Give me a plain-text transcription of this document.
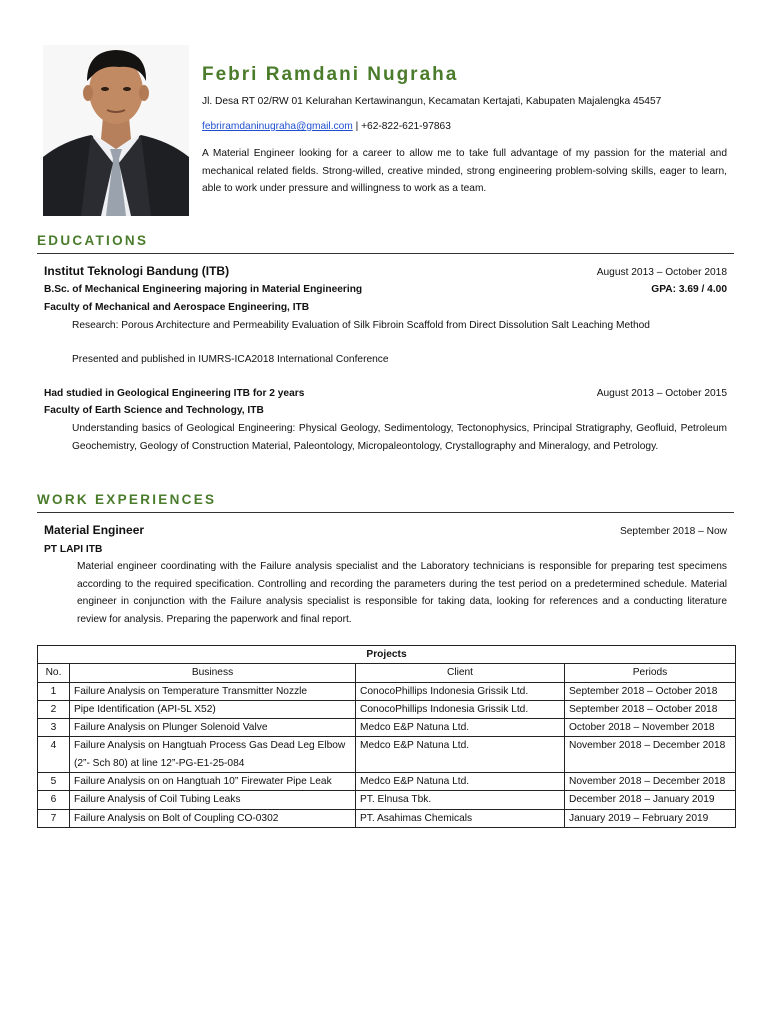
Febri Ramdani Nugraha
Jl. Desa RT 02/RW 01 Kelurahan Kertawinangun, Kecamatan Kertajati, Kabupaten Majalengka 45457
febriramdaninugraha@gmail.com | +62-822-621-97863
A Material Engineer looking for a career to allow me to take full advantage of my passion for the material and mechanical related fields. Strong-willed, creative minded, strong engineering problem-solving skills, eager to learn, able to work under pressure and willingness to work as a team.
EDUCATIONS
Institut Teknologi Bandung (ITB)	August 2013 – October 2018
B.Sc. of Mechanical Engineering majoring in Material Engineering	GPA: 3.69 / 4.00
Faculty of Mechanical and Aerospace Engineering, ITB
Research: Porous Architecture and Permeability Evaluation of Silk Fibroin Scaffold from Direct Dissolution Salt Leaching Method
Presented and published in IUMRS-ICA2018 International Conference
Had studied in Geological Engineering ITB for 2 years	August 2013 – October 2015
Faculty of Earth Science and Technology, ITB
Understanding basics of Geological Engineering: Physical Geology, Sedimentology, Tectonophysics, Principal Stratigraphy, Geofluid, Petroleum Geochemistry, Geology of Construction Material, Paleontology, Micropaleontology, Crystallography and Mineralogy, and Petrology.
WORK EXPERIENCES
Material Engineer	September 2018 – Now
PT LAPI ITB
Material engineer coordinating with the Failure analysis specialist and the Laboratory technicians is responsible for preparing test specimens according to the required specification. Controlling and recording the parameters during the test period on a predetermined schedule. Material engineer in conjunction with the Failure analysis specialist is responsible for taking data, looking for references and a conducting literature review for analysis. Preparing the paperwork and final report.
Projects			
No.	Business	Client	Periods
1	Failure Analysis on Temperature Transmitter Nozzle	ConocoPhillips Indonesia Grissik Ltd.	September 2018 – October 2018
2	Pipe Identification (API-5L X52)	ConocoPhillips Indonesia Grissik Ltd.	September 2018 – October 2018
3	Failure Analysis on Plunger Solenoid Valve	Medco E&P Natuna Ltd.	October 2018 – November 2018
4	Failure Analysis on Hangtuah Process Gas Dead Leg Elbow (2”- Sch 80) at line 12”-PG-E1-25-084	Medco E&P Natuna Ltd.	November 2018 – December 2018
5	Failure Analysis on on Hangtuah 10” Firewater Pipe Leak	Medco E&P Natuna Ltd.	November 2018 – December 2018
6	Failure Analysis of Coil Tubing Leaks	PT. Elnusa Tbk.	December 2018 – January 2019
7	Failure Analysis on Bolt of Coupling CO-0302	PT. Asahimas Chemicals	January 2019 – February 2019
